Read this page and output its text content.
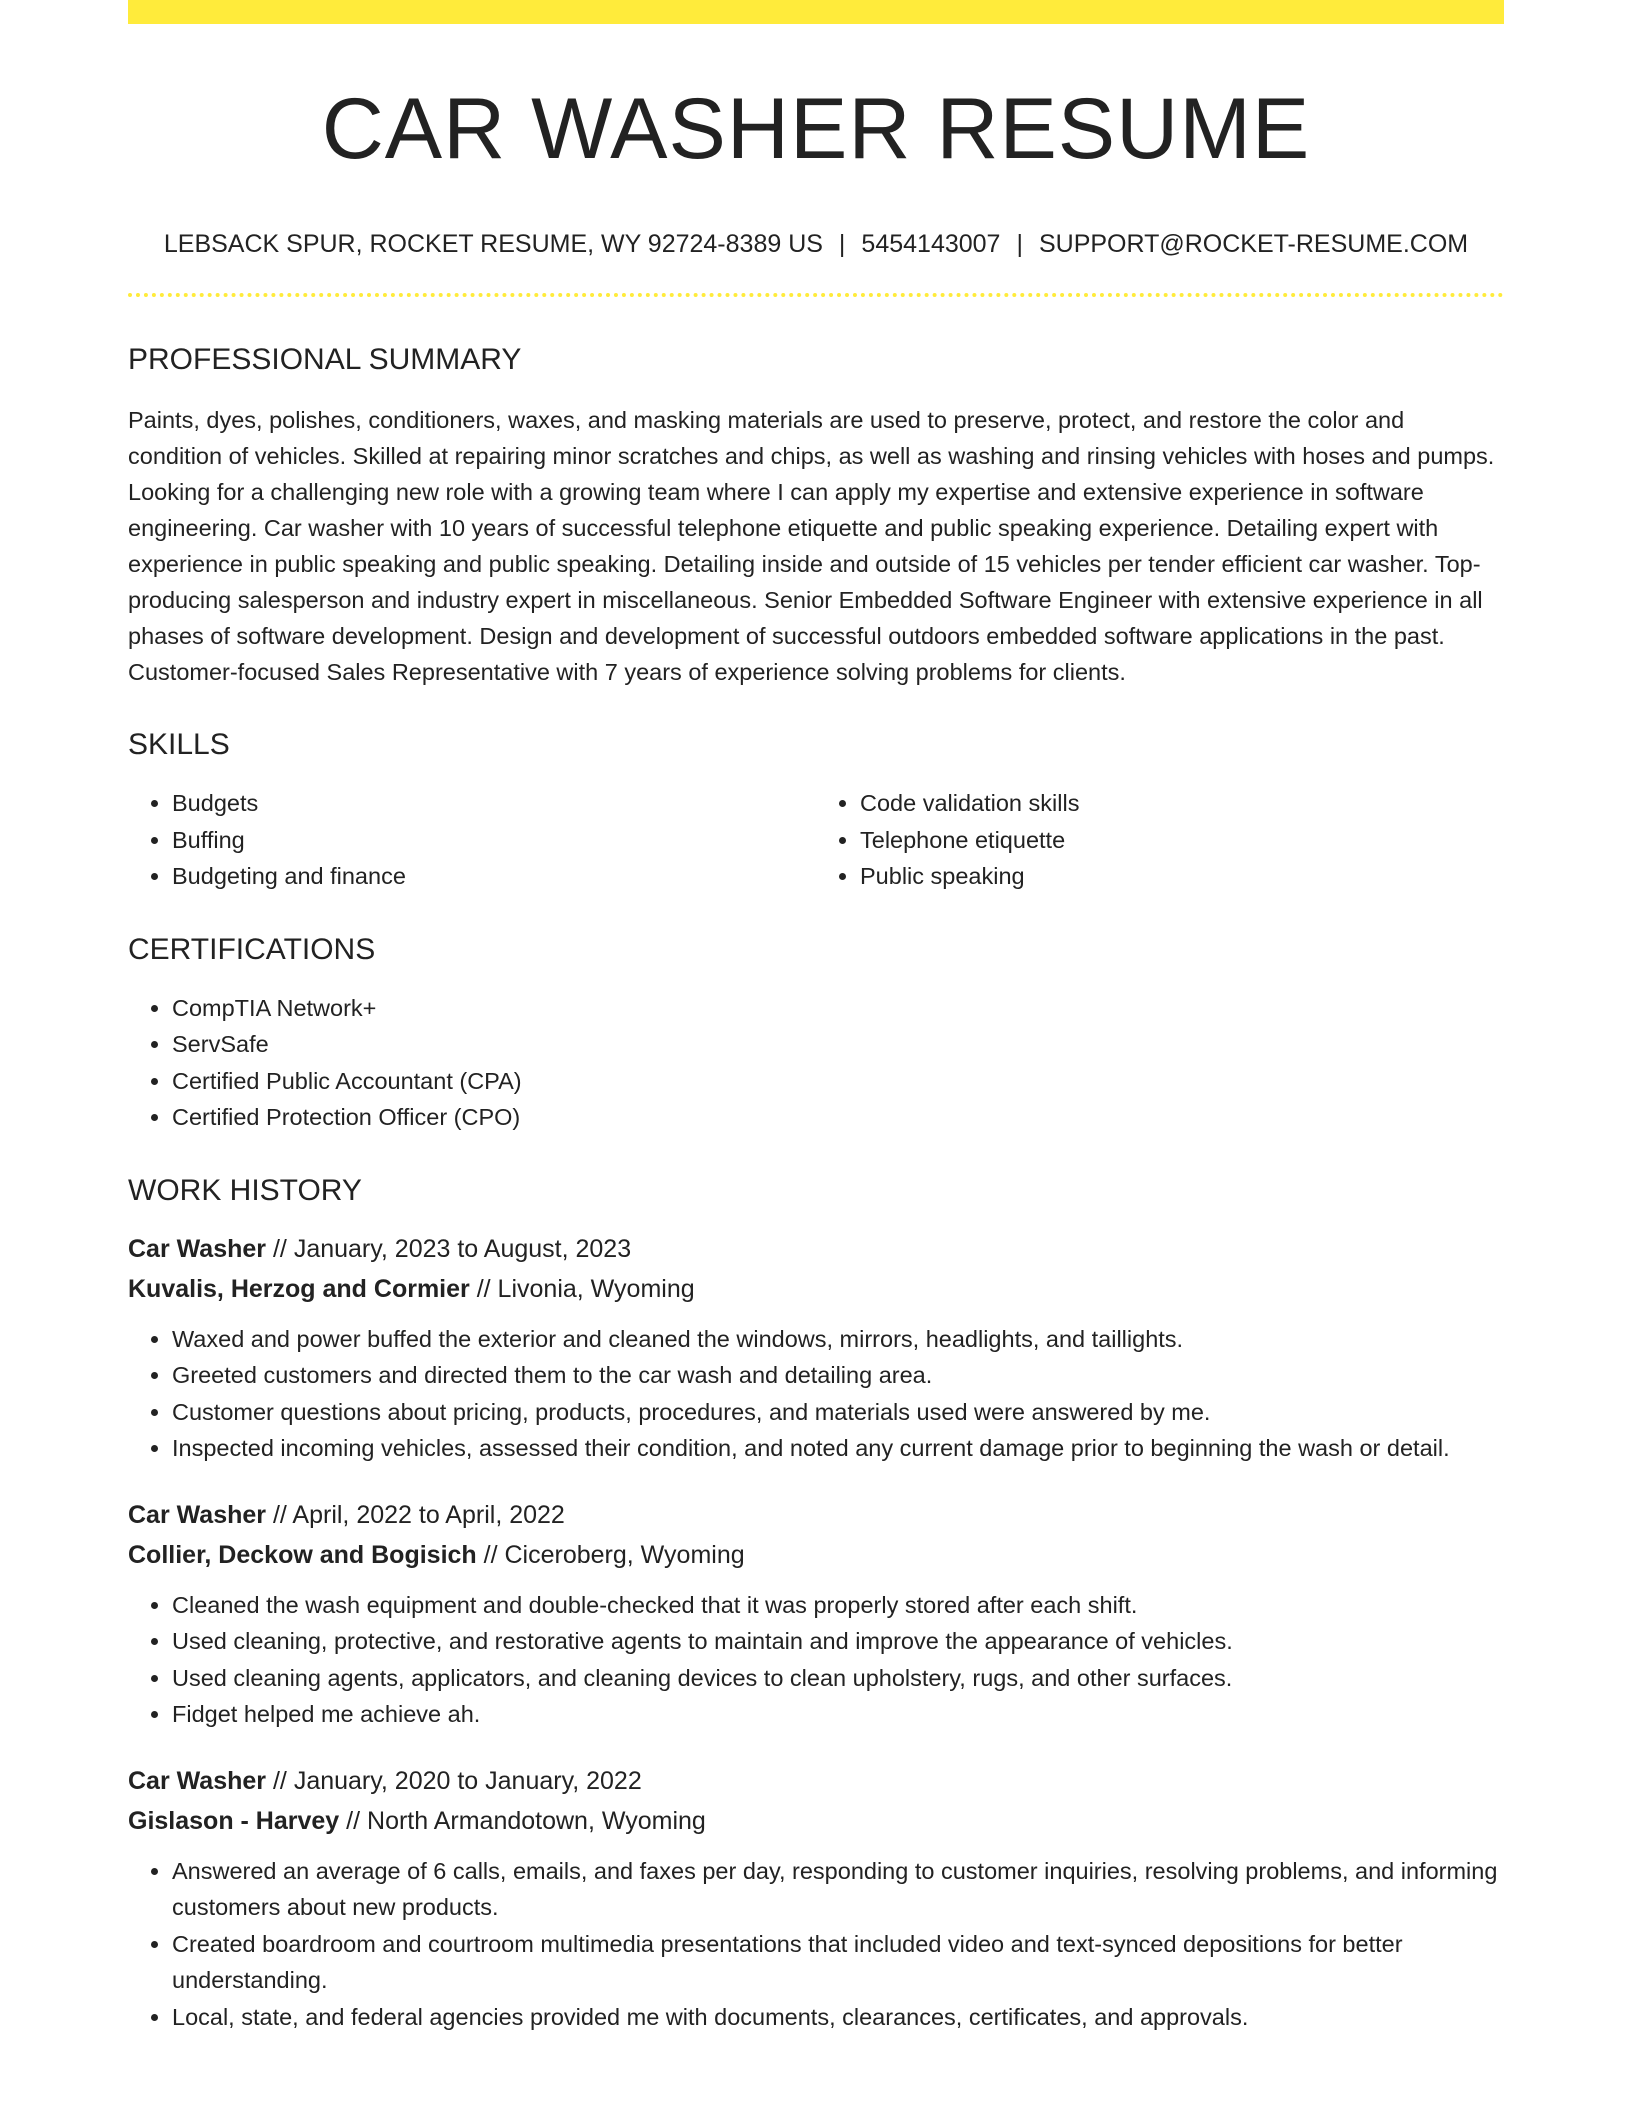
CAR WASHER RESUME
LEBSACK SPUR, ROCKET RESUME, WY 92724-8389 US | 5454143007 | SUPPORT@ROCKET-RESUME.COM
PROFESSIONAL SUMMARY

Paints, dyes, polishes, conditioners, waxes, and masking materials are used to preserve, protect, and restore the color and condition of vehicles. Skilled at repairing minor scratches and chips, as well as washing and rinsing vehicles with hoses and pumps. Looking for a challenging new role with a growing team where I can apply my expertise and extensive experience in software engineering. Car washer with 10 years of successful telephone etiquette and public speaking experience. Detailing expert with experience in public speaking and public speaking. Detailing inside and outside of 15 vehicles per tender efficient car washer. Top-producing salesperson and industry expert in miscellaneous. Senior Embedded Software Engineer with extensive experience in all phases of software development. Design and development of successful outdoors embedded software applications in the past. Customer-focused Sales Representative with 7 years of experience solving problems for clients.

SKILLS
• Budgets
• Buffing
• Budgeting and finance
• Code validation skills
• Telephone etiquette
• Public speaking
CERTIFICATIONS
• CompTIA Network+
• ServSafe
• Certified Public Accountant (CPA)
• Certified Protection Officer (CPO)
WORK HISTORY
Car Washer // January, 2023 to August, 2023
Kuvalis, Herzog and Cormier // Livonia, Wyoming
• Waxed and power buffed the exterior and cleaned the windows, mirrors, headlights, and taillights.
• Greeted customers and directed them to the car wash and detailing area.
• Customer questions about pricing, products, procedures, and materials used were answered by me.
• Inspected incoming vehicles, assessed their condition, and noted any current damage prior to beginning the wash or detail.
Car Washer // April, 2022 to April, 2022
Collier, Deckow and Bogisich // Ciceroberg, Wyoming
• Cleaned the wash equipment and double-checked that it was properly stored after each shift.
• Used cleaning, protective, and restorative agents to maintain and improve the appearance of vehicles.
• Used cleaning agents, applicators, and cleaning devices to clean upholstery, rugs, and other surfaces.
• Fidget helped me achieve ah.
Car Washer // January, 2020 to January, 2022
Gislason - Harvey // North Armandotown, Wyoming
• Answered an average of 6 calls, emails, and faxes per day, responding to customer inquiries, resolving problems, and informing customers about new products.
• Created boardroom and courtroom multimedia presentations that included video and text-synced depositions for better understanding.
• Local, state, and federal agencies provided me with documents, clearances, certificates, and approvals.
